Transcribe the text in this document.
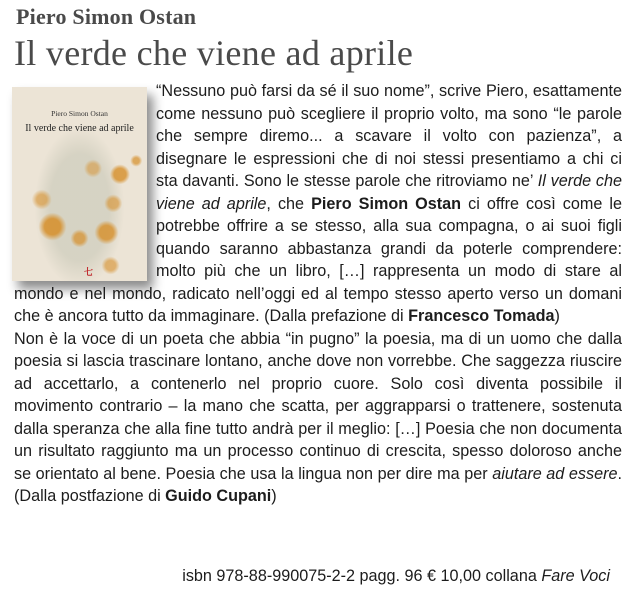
Piero Simon Ostan
Il verde che viene ad aprile
Piero Simon Ostan
Il verde che viene ad aprile
七

“Nessuno può farsi da sé il suo nome”, scrive Piero, esattamente come nessuno può scegliere il proprio volto, ma sono “le parole che sempre diremo... a scavare il volto con pazienza”, a disegnare le espressioni che di noi stessi presentiamo a chi ci sta davanti. Sono le stesse parole che ritroviamo ne’ Il verde che viene ad aprile, che Piero Simon Ostan ci offre così come le potrebbe offrire a se stesso, alla sua compagna, o ai suoi figli quando saranno abbastanza grandi da poterle comprendere: molto più che un libro, […] rappresenta un modo di stare al mondo e nel mondo, radicato nell’oggi ed al tempo stesso aperto verso un domani che è ancora tutto da immaginare. (Dalla prefazione di Francesco Tomada)

Non è la voce di un poeta che abbia “in pugno” la poesia, ma di un uomo che dalla poesia si lascia trascinare lontano, anche dove non vorrebbe. Che saggezza riuscire ad accettarlo, a contenerlo nel proprio cuore. Solo così diventa possibile il movimento contrario – la mano che scatta, per aggrapparsi o trattenere, sostenuta dalla speranza che alla fine tutto andrà per il meglio: […] Poesia che non documenta un risultato raggiunto ma un processo continuo di crescita, spesso doloroso anche se orientato al bene. Poesia che usa la lingua non per dire ma per aiutare ad essere. (Dalla postfazione di Guido Cupani)

isbn 978-88-990075-2-2 pagg. 96 € 10,00 collana Fare Voci
